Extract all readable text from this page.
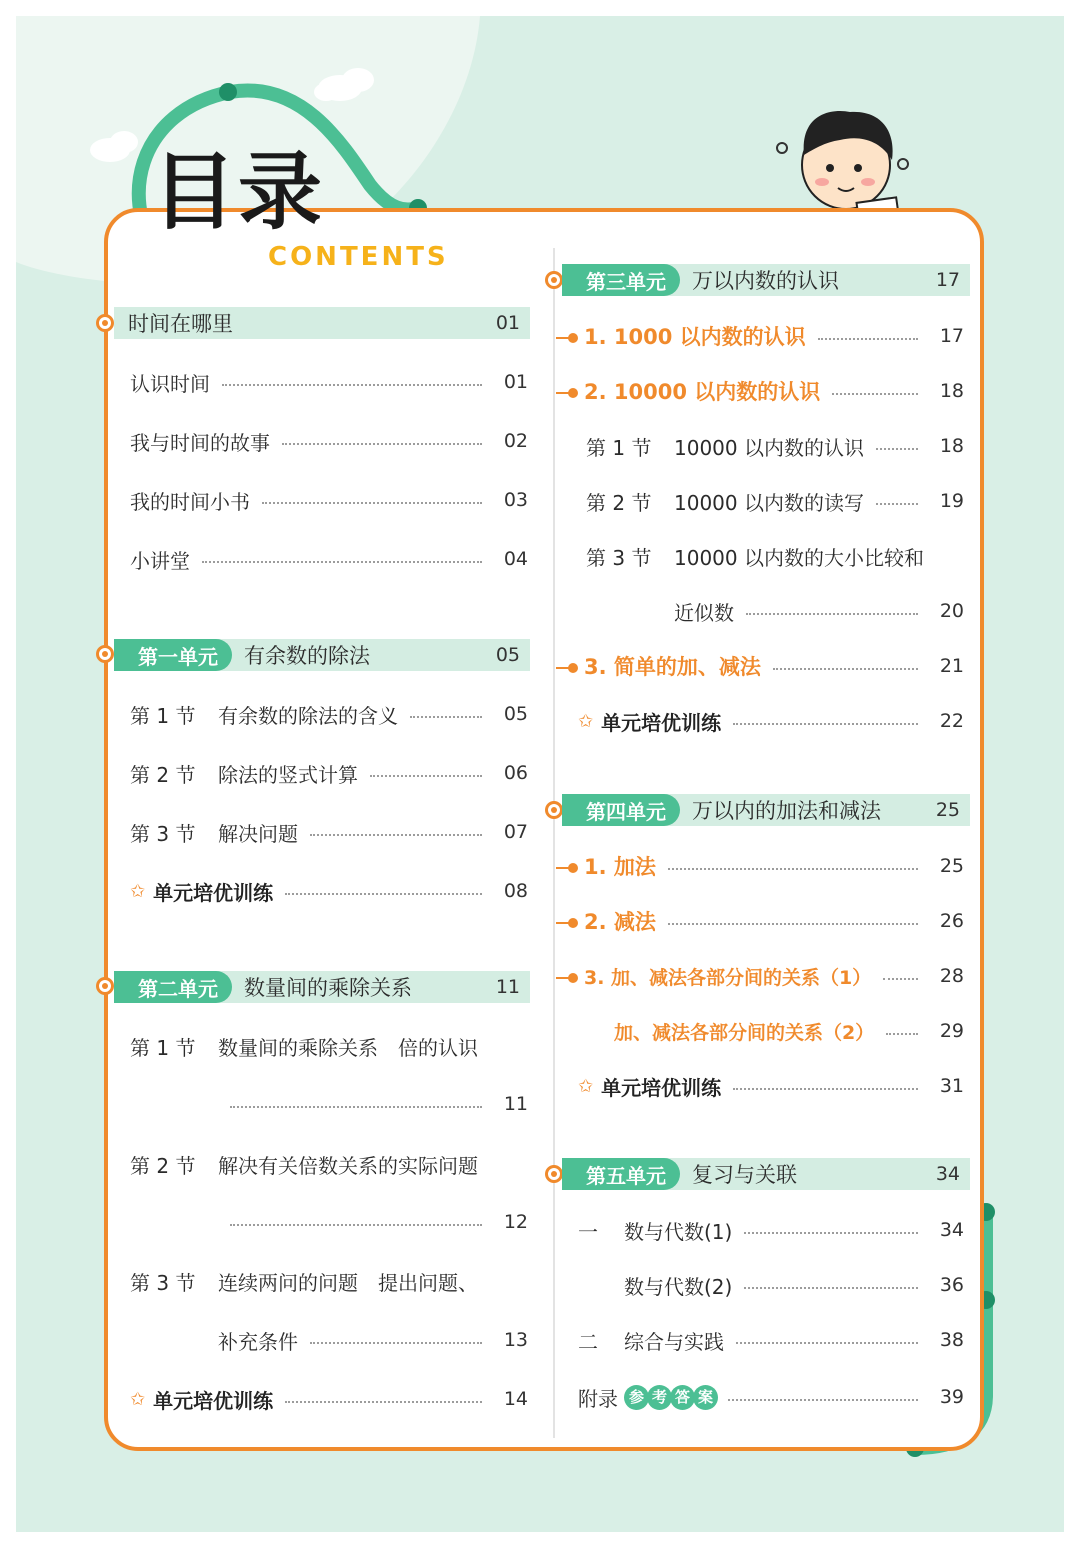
目录
CONTENTS
时间在哪里	01
认识时间	01
我与时间的故事	02
我的时间小书	03
小讲堂	04
第一单元	有余数的除法	05
第 1 节	有余数的除法的含义	05
第 2 节	除法的竖式计算	06
第 3 节	解决问题	07
✩ 单元培优训练	08
第二单元	数量间的乘除关系	11
第 1 节	数量间的乘除关系　倍的认识
11
第 2 节	解决有关倍数关系的实际问题
12
第 3 节	连续两问的问题　提出问题、
补充条件	13
✩ 单元培优训练	14
第三单元	万以内数的认识	17
1. 1000 以内数的认识	17
2. 10000 以内数的认识	18
第 1 节	10000 以内数的认识	18
第 2 节	10000 以内数的读写	19
第 3 节	10000 以内数的大小比较和
近似数	20
3. 简单的加、减法	21
✩ 单元培优训练	22
第四单元	万以内的加法和减法	25
1. 加法	25
2. 减法	26
3. 加、减法各部分间的关系（1）	28
加、减法各部分间的关系（2）	29
✩ 单元培优训练	31
第五单元	复习与关联	34
一	数与代数(1)	34
数与代数(2)	36
二	综合与实践	38
附录 参 考 答 案	39
